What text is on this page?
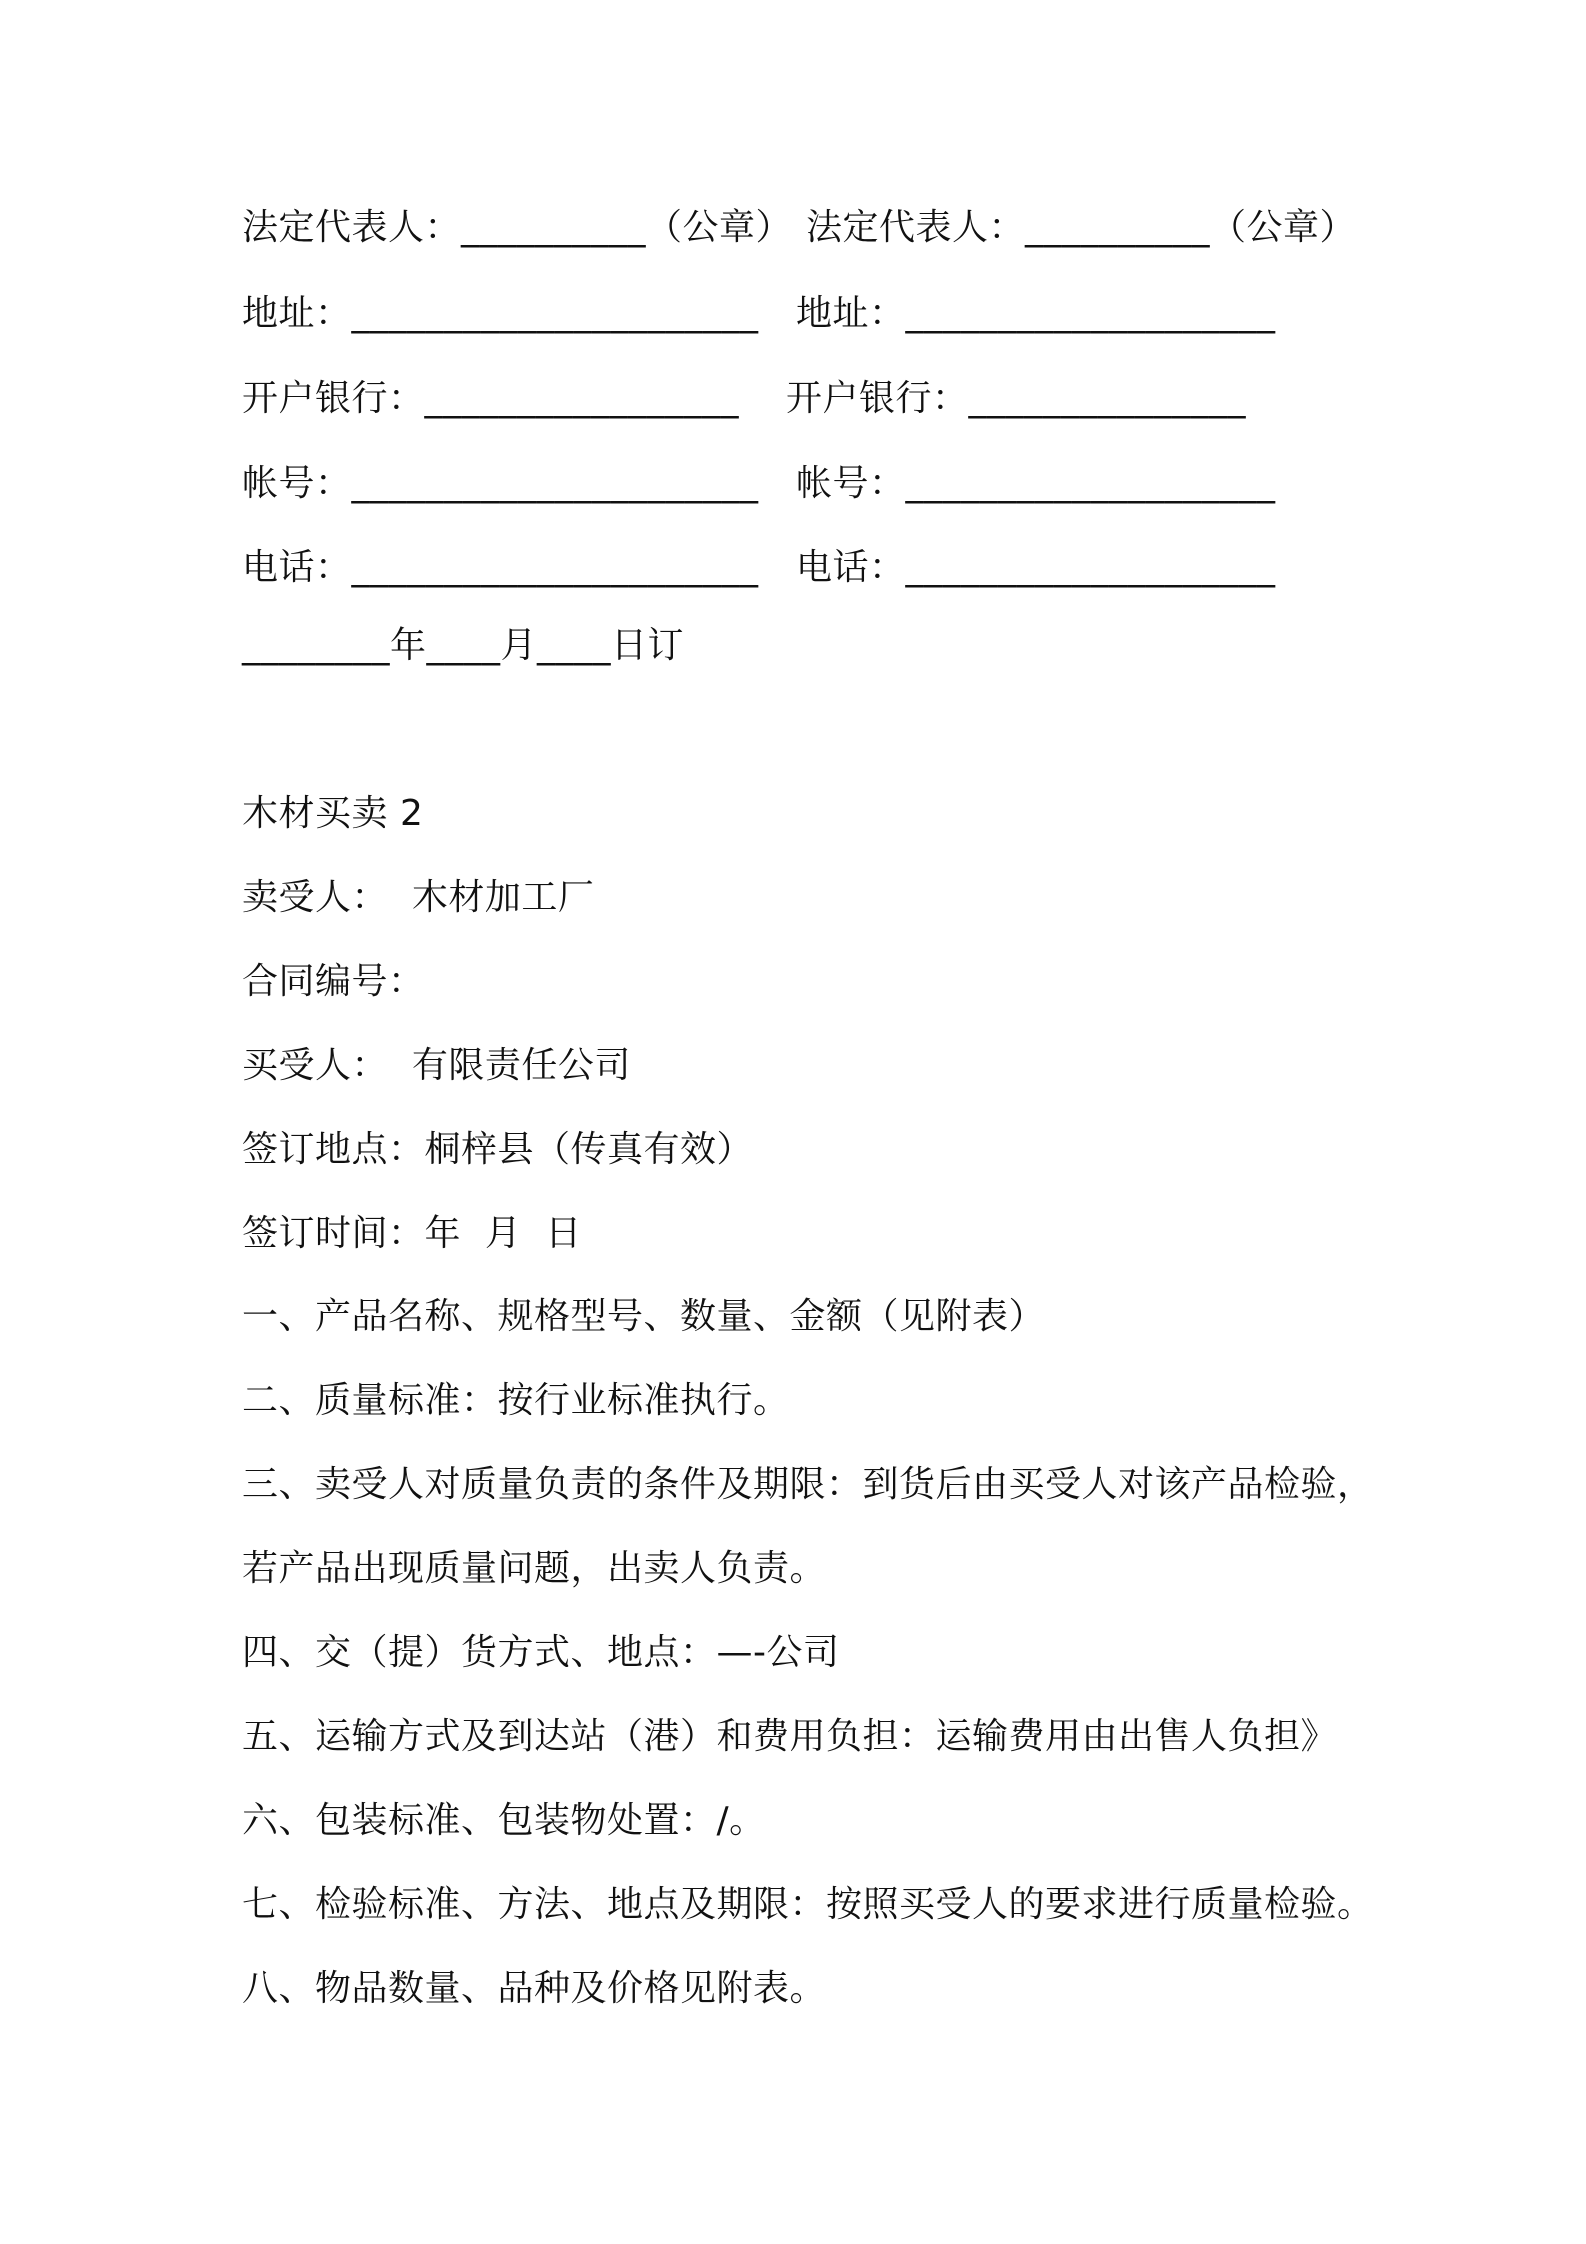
法定代表人：__________（公章） 法定代表人：__________（公章）
地址：______________________ 地址：____________________
开户银行：_________________ 开户银行：_______________
帐号：______________________ 帐号：____________________
电话：______________________ 电话：____________________
________年____月____日订
木材买卖 2
卖受人：  木材加工厂
合同编号：
买受人：  有限责任公司
签订地点：桐梓县（传真有效）
签订时间：年  月  日
一、产品名称、规格型号、数量、金额（见附表）
二、质量标准：按行业标准执行。
三、卖受人对质量负责的条件及期限：到货后由买受人对该产品检验，
若产品出现质量问题，出卖人负责。
四、交（提）货方式、地点：—-公司
五、运输方式及到达站（港）和费用负担：运输费用由出售人负担》
六、包装标准、包装物处置：/。
七、检验标准、方法、地点及期限：按照买受人的要求进行质量检验。
八、物品数量、品种及价格见附表。
